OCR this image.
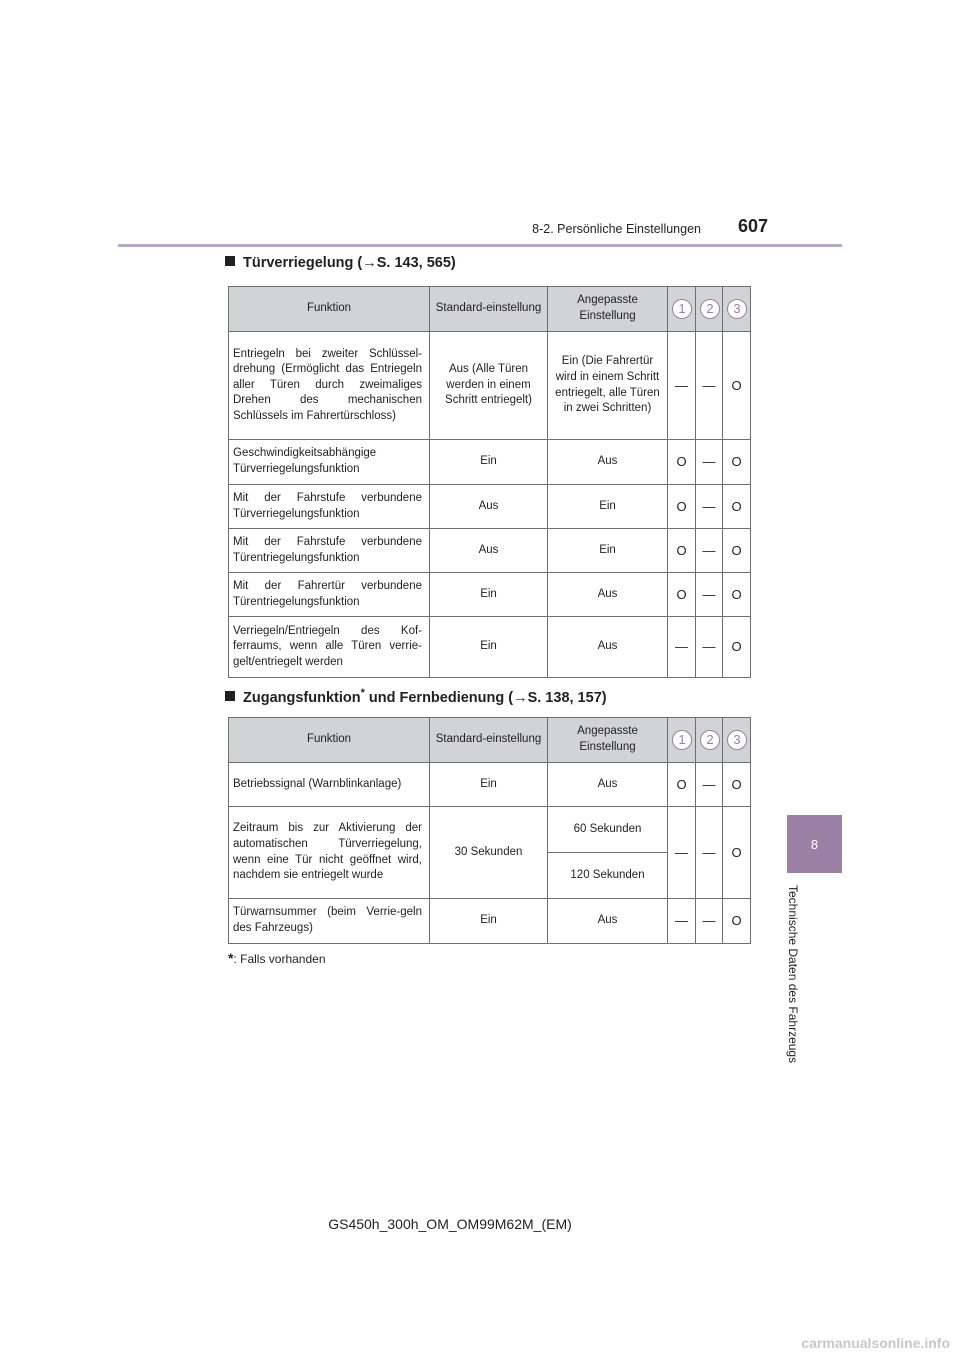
8-2. Persönliche Einstellungen 607
8
Technische Daten des Fahrzeugs
Türverriegelung (→S. 143, 565)
Funktion	Standard-einstellung	Angepasste Einstellung	1	2	3
Entriegeln bei zweiter Schlüssel-drehung (Ermöglicht das Entriegeln aller Türen durch zweimaliges Drehen des mechanischen Schlüssels im Fahrertürschloss)	Aus (Alle Türen werden in einem Schritt entriegelt)	Ein (Die Fahrertür wird in einem Schritt entriegelt, alle Türen in zwei Schritten)	—	—	O
Geschwindigkeitsabhängige Türverriegelungsfunktion	Ein	Aus	O	—	O
Mit der Fahrstufe verbundene Türverriegelungsfunktion	Aus	Ein	O	—	O
Mit der Fahrstufe verbundene Türentriegelungsfunktion	Aus	Ein	O	—	O
Mit der Fahrertür verbundene Türentriegelungsfunktion	Ein	Aus	O	—	O
Verriegeln/Entriegeln des Kof-ferraums, wenn alle Türen verrie-gelt/entriegelt werden	Ein	Aus	—	—	O
Zugangsfunktion* und Fernbedienung (→S. 138, 157)
Funktion	Standard-einstellung	Angepasste Einstellung	1	2	3
Betriebssignal (Warnblinkanlage)	Ein	Aus	O	—	O
Zeitraum bis zur Aktivierung der automatischen Türverriegelung, wenn eine Tür nicht geöffnet wird, nachdem sie entriegelt wurde	30 Sekunden	60 Sekunden	—	—	O
		120 Sekunden			
Türwarnsummer (beim Verrie-geln des Fahrzeugs)	Ein	Aus	—	—	O
*: Falls vorhanden
GS450h_300h_OM_OM99M62M_(EM)
carmanualsonline.info
